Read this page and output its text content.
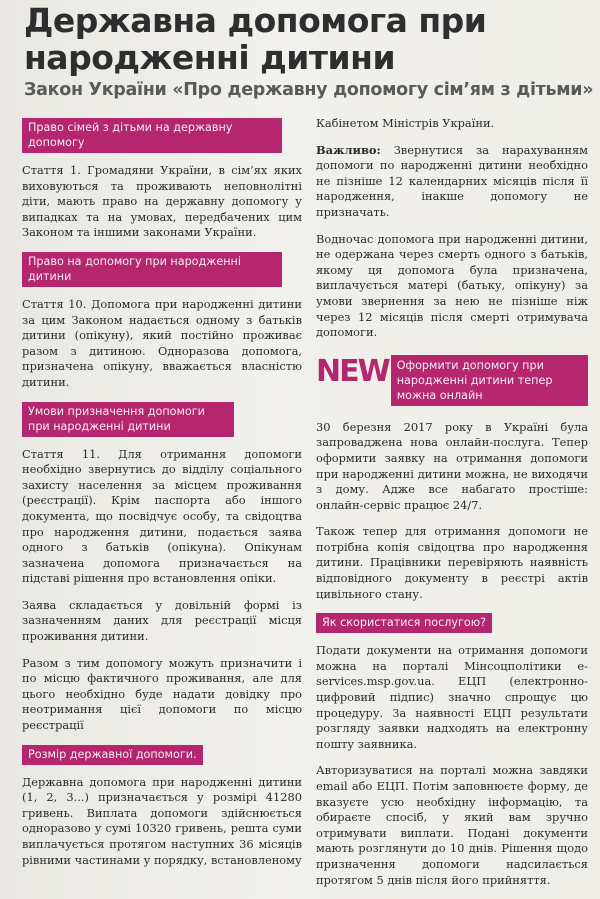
Державна допомога при народженні дитини
Закон України «Про державну допомогу сім’ям з дітьми»
Право сімей з дітьми на державну допомогу

Стаття 1. Громадяни України, в сім’ях яких виховуються та проживають неповнолітні діти, мають право на державну допомогу у випадках та на умовах, передбачених цим Законом та іншими законами України.

Право на допомогу при народженні дитини

Стаття 10. Допомога при народженні дитини за цим Законом надається одному з батьків дитини (опікуну), який постійно проживає разом з дитиною. Одноразова допомога, призначена опікуну, вважається власністю дитини.

Умови призначення допомоги при народженні дитини

Стаття 11. Для отримання допомоги необхідно звернутись до відділу соціального захисту населення за місцем проживання (реєстрації). Крім паспорта або іншого документа, що посвідчує особу, та свідоцтва про народження дитини, подається заява одного з батьків (опікуна). Опікунам зазначена допомога призначається на підставі рішення про встановлення опіки.

Заява складається у довільній формі із зазначенням даних для реєстрації місця проживання дитини.

Разом з тим допомогу можуть призначити і по місцю фактичного проживання, але для цього необхідно буде надати довідку про неотримання цієї допомоги по місцю реєстрації

Розмір державної допомоги.

Державна допомога при народженні дитини (1, 2, 3...) призначається у розмірі 41280 гривень. Виплата допомоги здійснюється одноразово у сумі 10320 гривень, решта суми виплачується протягом наступних 36 місяців рівними частинами у порядку, встановленому

Кабінетом Міністрів України.

Важливо: Звернутися за нарахуванням допомоги по народженні дитини необхідно не пізніше 12 календарних місяців після її народження, інакше допомогу не призначать.

Водночас допомога при народженні дитини, не одержана через смерть одного з батьків, якому ця допомога була призначена, виплачується матері (батьку, опікуну) за умови звернення за нею не пізніше ніж через 12 місяців після смерті отримувача допомоги.

NEW Оформити допомогу при народженні дитини тепер можна онлайн

30 березня 2017 року в Україні була запроваджена нова онлайн-послуга. Тепер оформити заявку на отримання допомоги при народженні дитини можна, не виходячи з дому. Адже все набагато простіше: онлайн-сервіс працює 24/7.

Також тепер для отримання допомоги не потрібна копія свідоцтва про народження дитини. Працівники перевіряють наявність відповідного документу в реєстрі актів цивільного стану.

Як скористатися послугою?

Подати документи на отримання допомоги можна на порталі Мінсоцполітики e-services.msp.gov.ua. ЕЦП (електронно-цифровий підпис) значно спрощує цю процедуру. За наявності ЕЦП результати розгляду заявки надходять на електронну пошту заявника.

Авторизуватися на порталі можна завдяки email або ЕЦП. Потім заповнюєте форму, де вказуєте усю необхідну інформацію, та обираєте спосіб, у який вам зручно отримувати виплати. Подані документи мають розглянути до 10 днів. Рішення щодо призначення допомоги надсилається протягом 5 днів після його прийняття.
